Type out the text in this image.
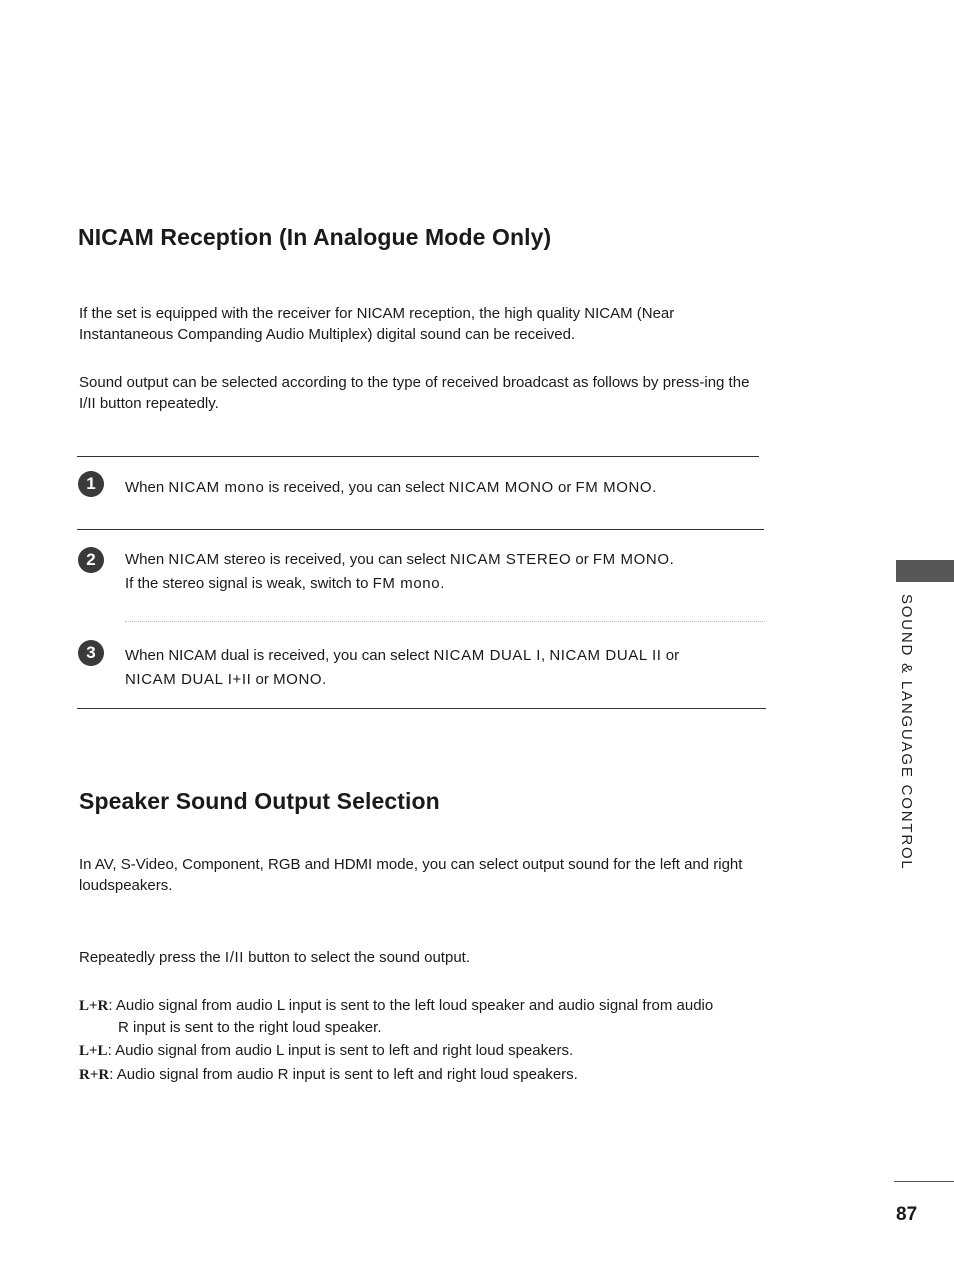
NICAM Reception (In Analogue Mode Only)

If the set is equipped with the receiver for NICAM reception, the high quality NICAM (Near Instantaneous Companding Audio Multiplex) digital sound can be received.

Sound output can be selected according to the type of received broadcast as follows by press-ing the I/II button repeatedly.

1	When NICAM mono is received, you can select NICAM MONO or FM MONO.

2	When NICAM stereo is received, you can select NICAM STEREO or FM MONO.
If the stereo signal is weak, switch to FM mono.

3	When NICAM dual is received, you can select NICAM DUAL I, NICAM DUAL II or
NICAM DUAL I+II or MONO.

Speaker Sound Output Selection

In AV, S-Video, Component, RGB and HDMI mode, you can select output sound for the left and right loudspeakers.

Repeatedly press the I/II button to select the sound output.

L+R: Audio signal from audio L input is sent to the left loud speaker and audio signal from audio
R input is sent to the right loud speaker.

L+L: Audio signal from audio L input is sent to left and right loud speakers.

R+R: Audio signal from audio R input is sent to left and right loud speakers.

SOUND & LANGUAGE CONTROL
87
